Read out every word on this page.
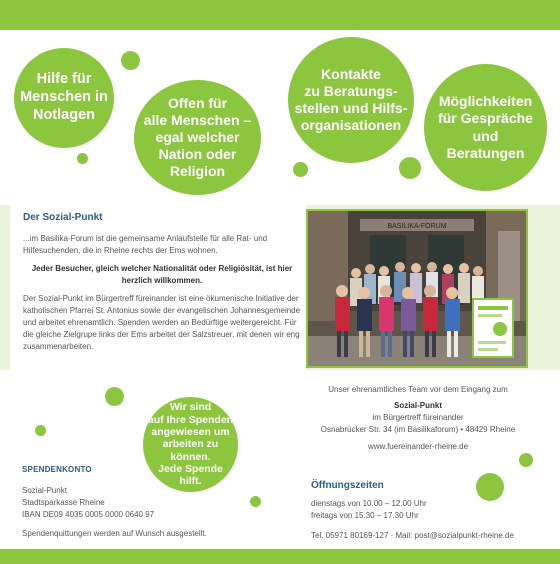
Hilfe für
Menschen in
Notlagen
Offen für
alle Menschen –
egal welcher
Nation oder
Religion
Kontakte
zu Beratungs-
stellen und Hilfs-
organisationen
Möglichkeiten
für Gespräche
und
Beratungen
Der Sozial-Punkt
...im Basilika-Forum ist die gemeinsame Anlaufstelle für alle Rat- und Hilfesuchenden, die in Rheine rechts der Ems wohnen.
Jeder Besucher, gleich welcher Nationalität oder Religiösität, ist hier herzlich willkommen.
Der Sozial-Punkt im Bürgertreff füreinander ist eine ökumenische Initiative der katholischen Pfarrei St. Antonius sowie der evangelischen Johannesgemeinde und arbeitet ehrenamtlich. Spenden werden an Bedürftige weitergereicht. Für die gleiche Zielgrupe links der Ems arbeitet der Salzstreuer, mit denen wir eng zusammenarbeiten.
BASILIKA-FORUM
Unser ehrenamtliches Team vor dem Eingang zum
Sozial-Punkt
im Bürgertreff füreinander
Osnabrücker Str. 34 (im Basilikaforum) • 48429 Rheine
www.fuereinander-rheine.de
Wir sind
auf Ihre Spenden
angewiesen um
arbeiten zu können.
Jede Spende
hilft.	Öffnungszeiten
dienstags von 10.00 – 12.00 Uhr
freitags von 15.30 – 17.30 Uhr
Tel. 05971 80169-127 · Mail: post@sozialpunkt-rheine.de
SPENDENKONTO
Sozial-Punkt
Stadtsparkasse Rheine
IBAN DE09 4035 0005 0000 0640 97
Spendenquittungen werden auf Wunsch ausgestellt.
